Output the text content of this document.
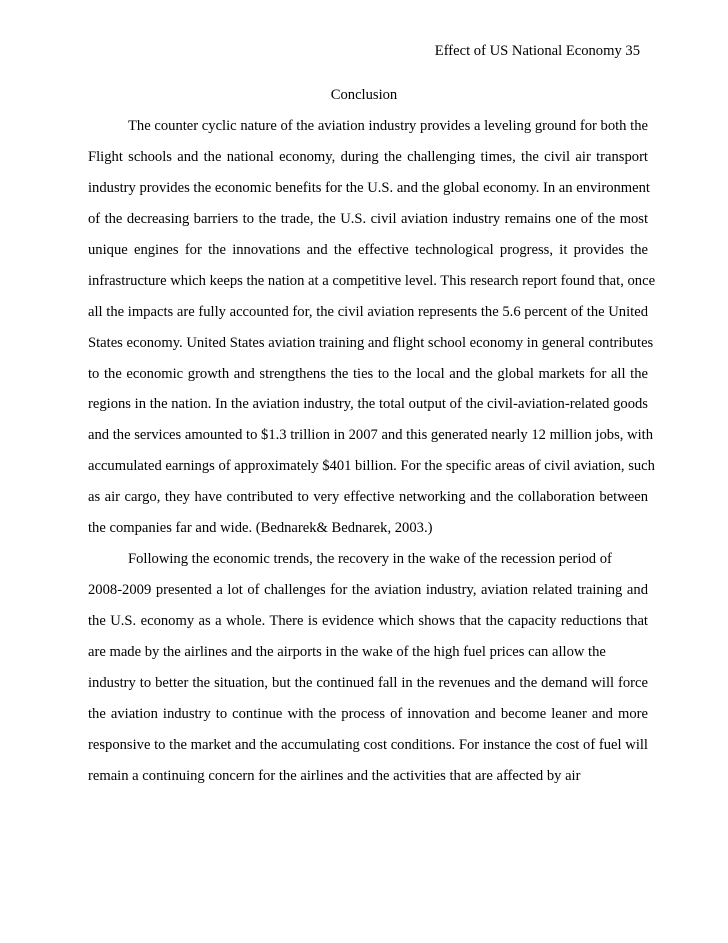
Effect of US National Economy 35
Conclusion
The counter cyclic nature of the aviation industry provides a leveling ground for both the
Flight schools and the national economy, during the challenging times, the civil air transport
industry provides the economic benefits for the U.S. and the global economy. In an environment
of the decreasing barriers to the trade, the U.S. civil aviation industry remains one of the most
unique engines for the innovations and the effective technological progress, it provides the
infrastructure which keeps the nation at a competitive level. This research report found that, once
all the impacts are fully accounted for, the civil aviation represents the 5.6 percent of the United
States economy. United States aviation training and flight school economy in general contributes
to the economic growth and strengthens the ties to the local and the global markets for all the
regions in the nation. In the aviation industry, the total output of the civil-aviation-related goods
and the services amounted to $1.3 trillion in 2007 and this generated nearly 12 million jobs, with
accumulated earnings of approximately $401 billion. For the specific areas of civil aviation, such
as air cargo, they have contributed to very effective networking and the collaboration between
the companies far and wide. (Bednarek& Bednarek, 2003.)
Following the economic trends, the recovery in the wake of the recession period of
2008-2009 presented a lot of challenges for the aviation industry, aviation related training and
the U.S. economy as a whole. There is evidence which shows that the capacity reductions that
are made by the airlines and the airports in the wake of the high fuel prices can allow the
industry to better the situation, but the continued fall in the revenues and the demand will force
the aviation industry to continue with the process of innovation and become leaner and more
responsive to the market and the accumulating cost conditions. For instance the cost of fuel will
remain a continuing concern for the airlines and the activities that are affected by air
